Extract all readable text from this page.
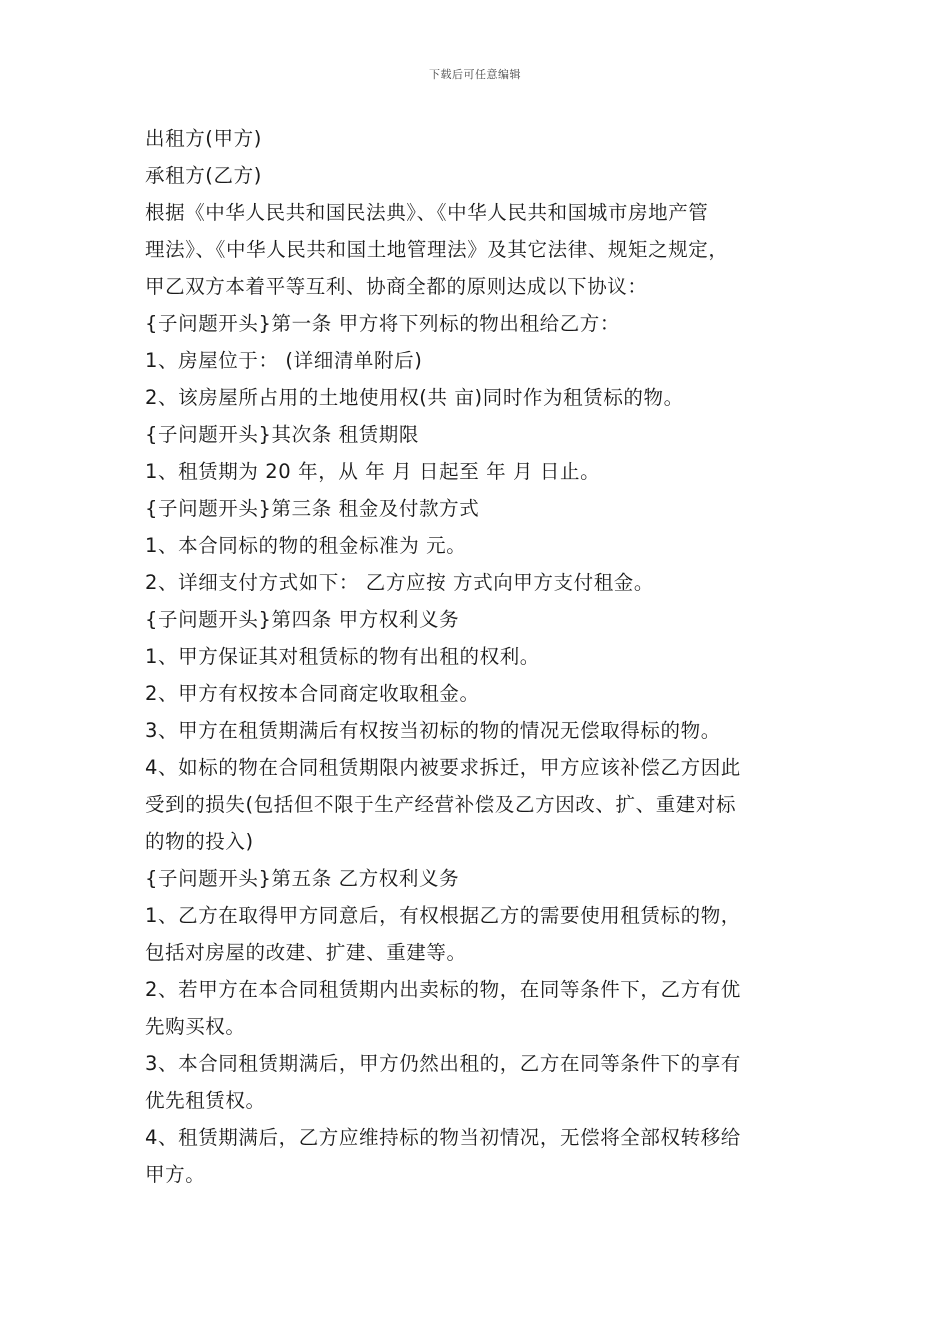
下载后可任意编辑
出租方(甲方)
承租方(乙方)
根据《中华人民共和国民法典》、《中华人民共和国城市房地产管
理法》、《中华人民共和国土地管理法》及其它法律、规矩之规定，
甲乙双方本着平等互利、协商全都的原则达成以下协议：
{子问题开头}第一条 甲方将下列标的物出租给乙方：
1、房屋位于： (详细清单附后)
2、该房屋所占用的土地使用权(共 亩)同时作为租赁标的物。
{子问题开头}其次条 租赁期限
1、租赁期为 20 年，从 年 月 日起至 年 月 日止。
{子问题开头}第三条 租金及付款方式
1、本合同标的物的租金标准为 元。
2、详细支付方式如下： 乙方应按 方式向甲方支付租金。
{子问题开头}第四条 甲方权利义务
1、甲方保证其对租赁标的物有出租的权利。
2、甲方有权按本合同商定收取租金。
3、甲方在租赁期满后有权按当初标的物的情况无偿取得标的物。
4、如标的物在合同租赁期限内被要求拆迁，甲方应该补偿乙方因此
受到的损失(包括但不限于生产经营补偿及乙方因改、扩、重建对标
的物的投入)
{子问题开头}第五条 乙方权利义务
1、乙方在取得甲方同意后，有权根据乙方的需要使用租赁标的物，
包括对房屋的改建、扩建、重建等。
2、若甲方在本合同租赁期内出卖标的物，在同等条件下，乙方有优
先购买权。
3、本合同租赁期满后，甲方仍然出租的，乙方在同等条件下的享有
优先租赁权。
4、租赁期满后，乙方应维持标的物当初情况，无偿将全部权转移给
甲方。
